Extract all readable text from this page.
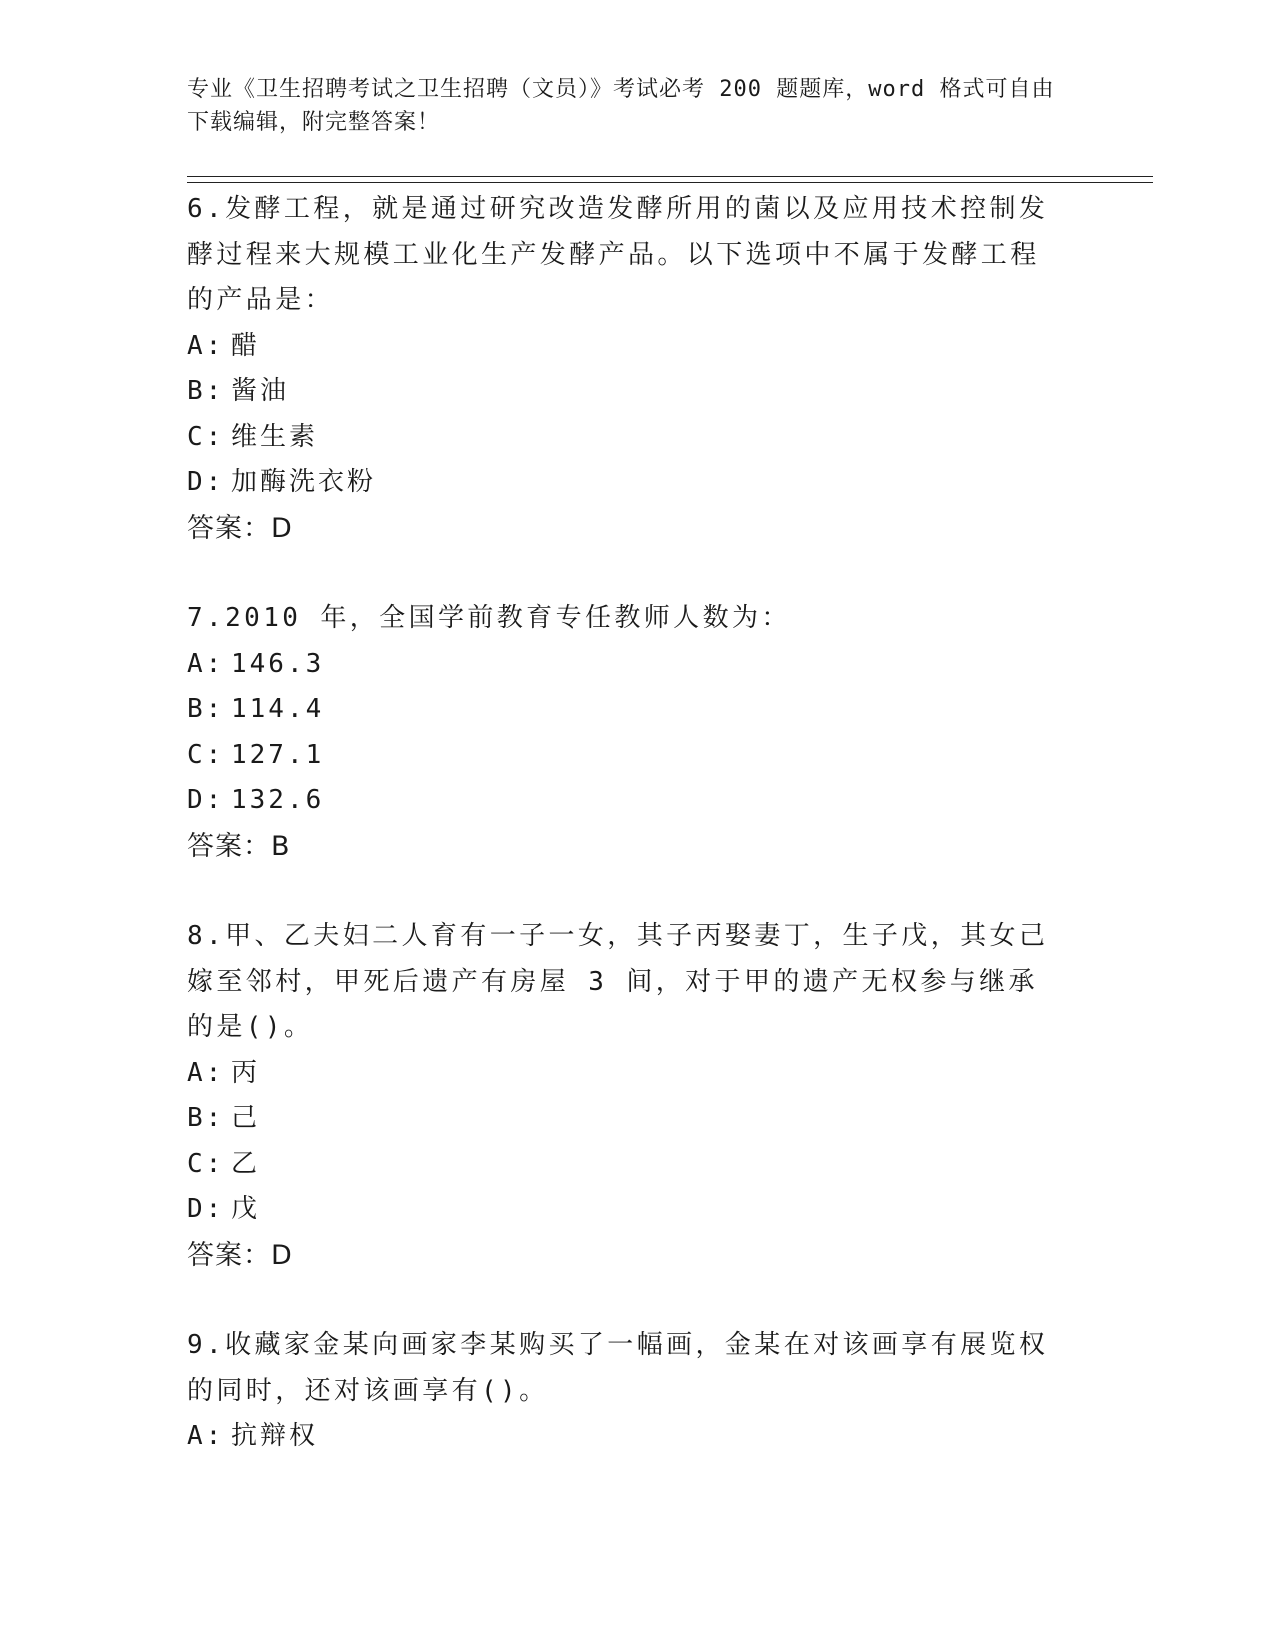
专业《卫生招聘考试之卫生招聘（文员）》考试必考 200 题题库，word 格式可自由下载编辑，附完整答案！

6.发酵工程，就是通过研究改造发酵所用的菌以及应用技术控制发酵过程来大规模工业化生产发酵产品。以下选项中不属于发酵工程的产品是：

A: 醋
B: 酱油
C: 维生素
D: 加酶洗衣粉
答案：D

7.2010 年，全国学前教育专任教师人数为：

A: 146.3
B: 114.4
C: 127.1
D: 132.6
答案：B

8.甲、乙夫妇二人育有一子一女，其子丙娶妻丁，生子戊，其女己嫁至邻村，甲死后遗产有房屋 3 间，对于甲的遗产无权参与继承的是()。

A: 丙
B: 己
C: 乙
D: 戊
答案：D

9.收藏家金某向画家李某购买了一幅画，金某在对该画享有展览权的同时，还对该画享有()。

A: 抗辩权
